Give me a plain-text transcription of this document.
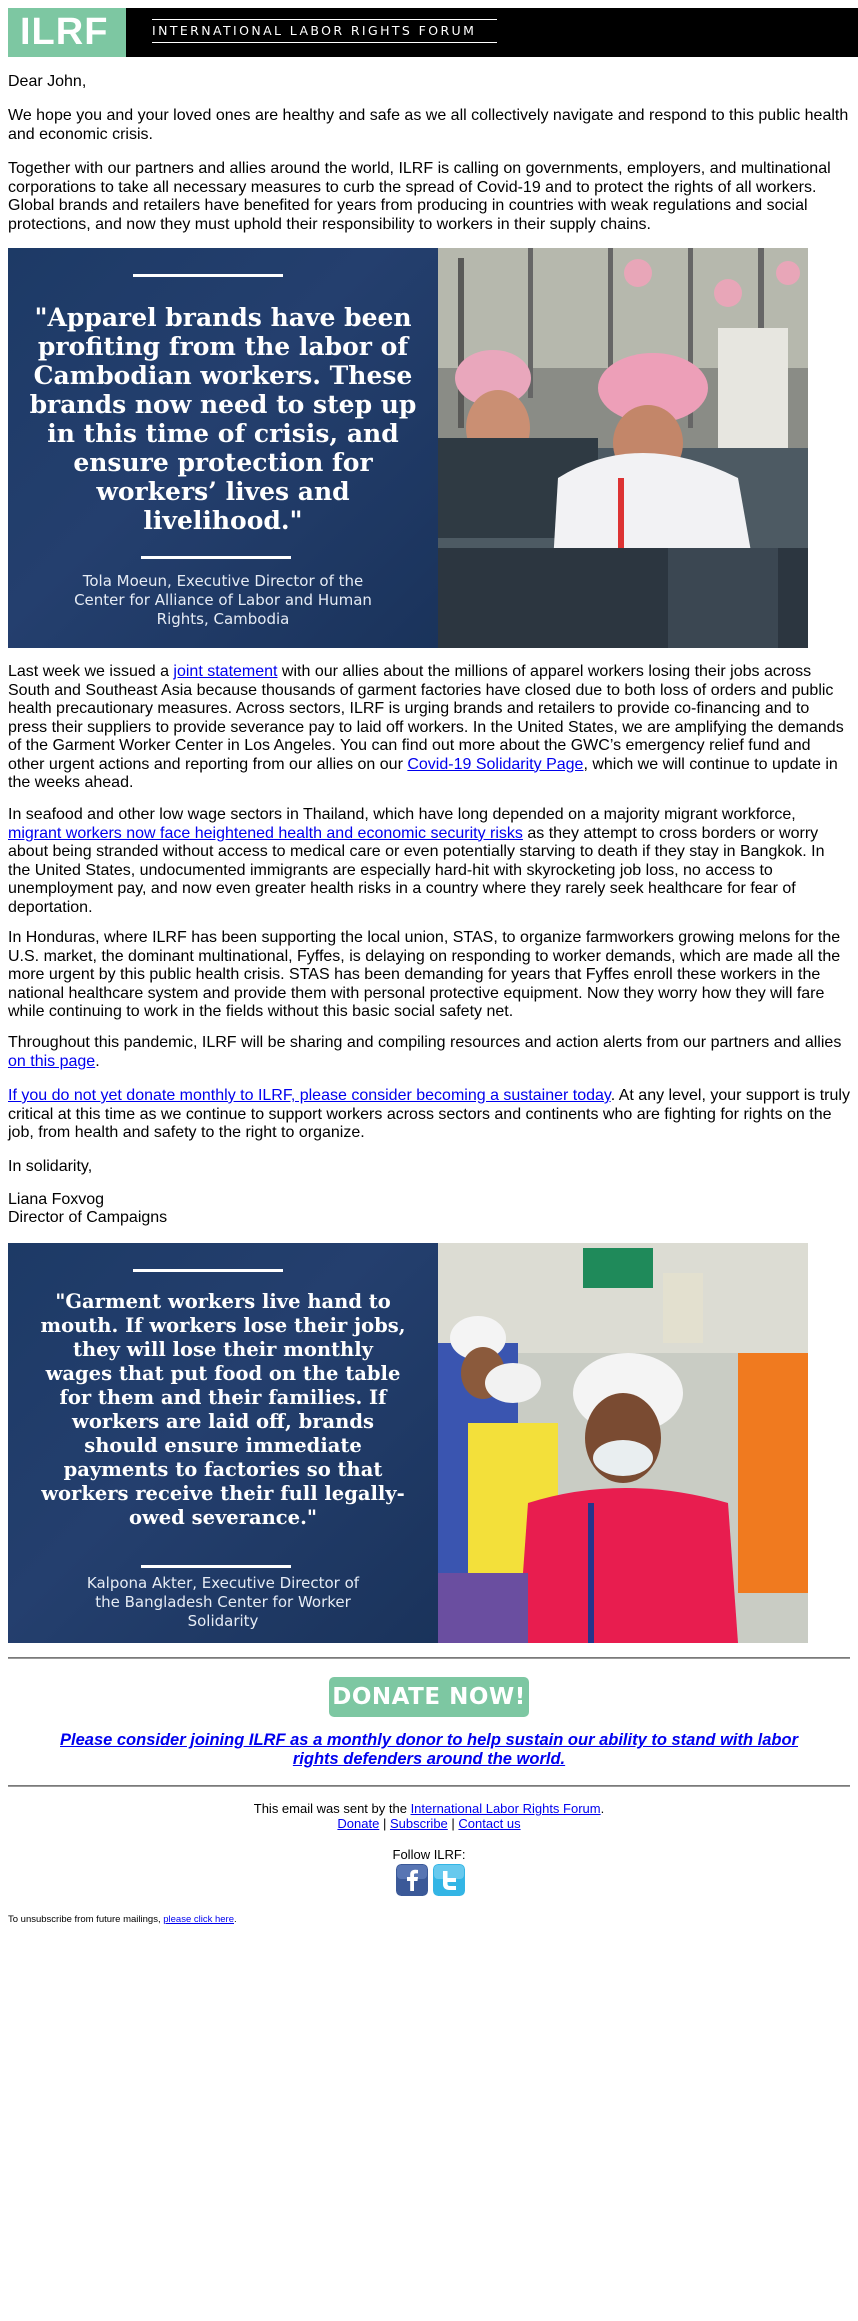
ILRF	INTERNATIONAL LABOR RIGHTS FORUM

Dear John,

We hope you and your loved ones are healthy and safe as we all collectively navigate and respond to this public health and economic crisis.

Together with our partners and allies around the world, ILRF is calling on governments, employers, and multinational corporations to take all necessary measures to curb the spread of Covid-19 and to protect the rights of all workers. Global brands and retailers have benefited for years from producing in countries with weak regulations and social protections, and now they must uphold their responsibility to workers in their supply chains.

"Apparel brands have been profiting from the labor of Cambodian workers. These brands now need to step up in this time of crisis, and ensure protection for workers’ lives and livelihood."
Tola Moeun, Executive Director of the Center for Alliance of Labor and Human Rights, Cambodia

Last week we issued a joint statement with our allies about the millions of apparel workers losing their jobs across South and Southeast Asia because thousands of garment factories have closed due to both loss of orders and public health precautionary measures. Across sectors, ILRF is urging brands and retailers to provide co-financing and to press their suppliers to provide severance pay to laid off workers. In the United States, we are amplifying the demands of the Garment Worker Center in Los Angeles. You can find out more about the GWC’s emergency relief fund and other urgent actions and reporting from our allies on our Covid-19 Solidarity Page, which we will continue to update in the weeks ahead.

In seafood and other low wage sectors in Thailand, which have long depended on a majority migrant workforce, migrant workers now face heightened health and economic security risks as they attempt to cross borders or worry about being stranded without access to medical care or even potentially starving to death if they stay in Bangkok. In the United States, undocumented immigrants are especially hard-hit with skyrocketing job loss, no access to unemployment pay, and now even greater health risks in a country where they rarely seek healthcare for fear of deportation.

In Honduras, where ILRF has been supporting the local union, STAS, to organize farmworkers growing melons for the U.S. market, the dominant multinational, Fyffes, is delaying on responding to worker demands, which are made all the more urgent by this public health crisis. STAS has been demanding for years that Fyffes enroll these workers in the national healthcare system and provide them with personal protective equipment. Now they worry how they will fare while continuing to work in the fields without this basic social safety net.

Throughout this pandemic, ILRF will be sharing and compiling resources and action alerts from our partners and allies on this page.

If you do not yet donate monthly to ILRF, please consider becoming a sustainer today. At any level, your support is truly critical at this time as we continue to support workers across sectors and continents who are fighting for rights on the job, from health and safety to the right to organize.

In solidarity,

Liana Foxvog

Director of Campaigns

"Garment workers live hand to mouth. If workers lose their jobs, they will lose their monthly wages that put food on the table for them and their families. If workers are laid off, brands should ensure immediate payments to factories so that workers receive their full legally-owed severance."
Kalpona Akter, Executive Director of the Bangladesh Center for Worker Solidarity
DONATE NOW!
Please consider joining ILRF as a monthly donor to help sustain our ability to stand with labor rights defenders around the world.
This email was sent by the International Labor Rights Forum.
Donate | Subscribe | Contact us
Follow ILRF:
To unsubscribe from future mailings, please click here.
